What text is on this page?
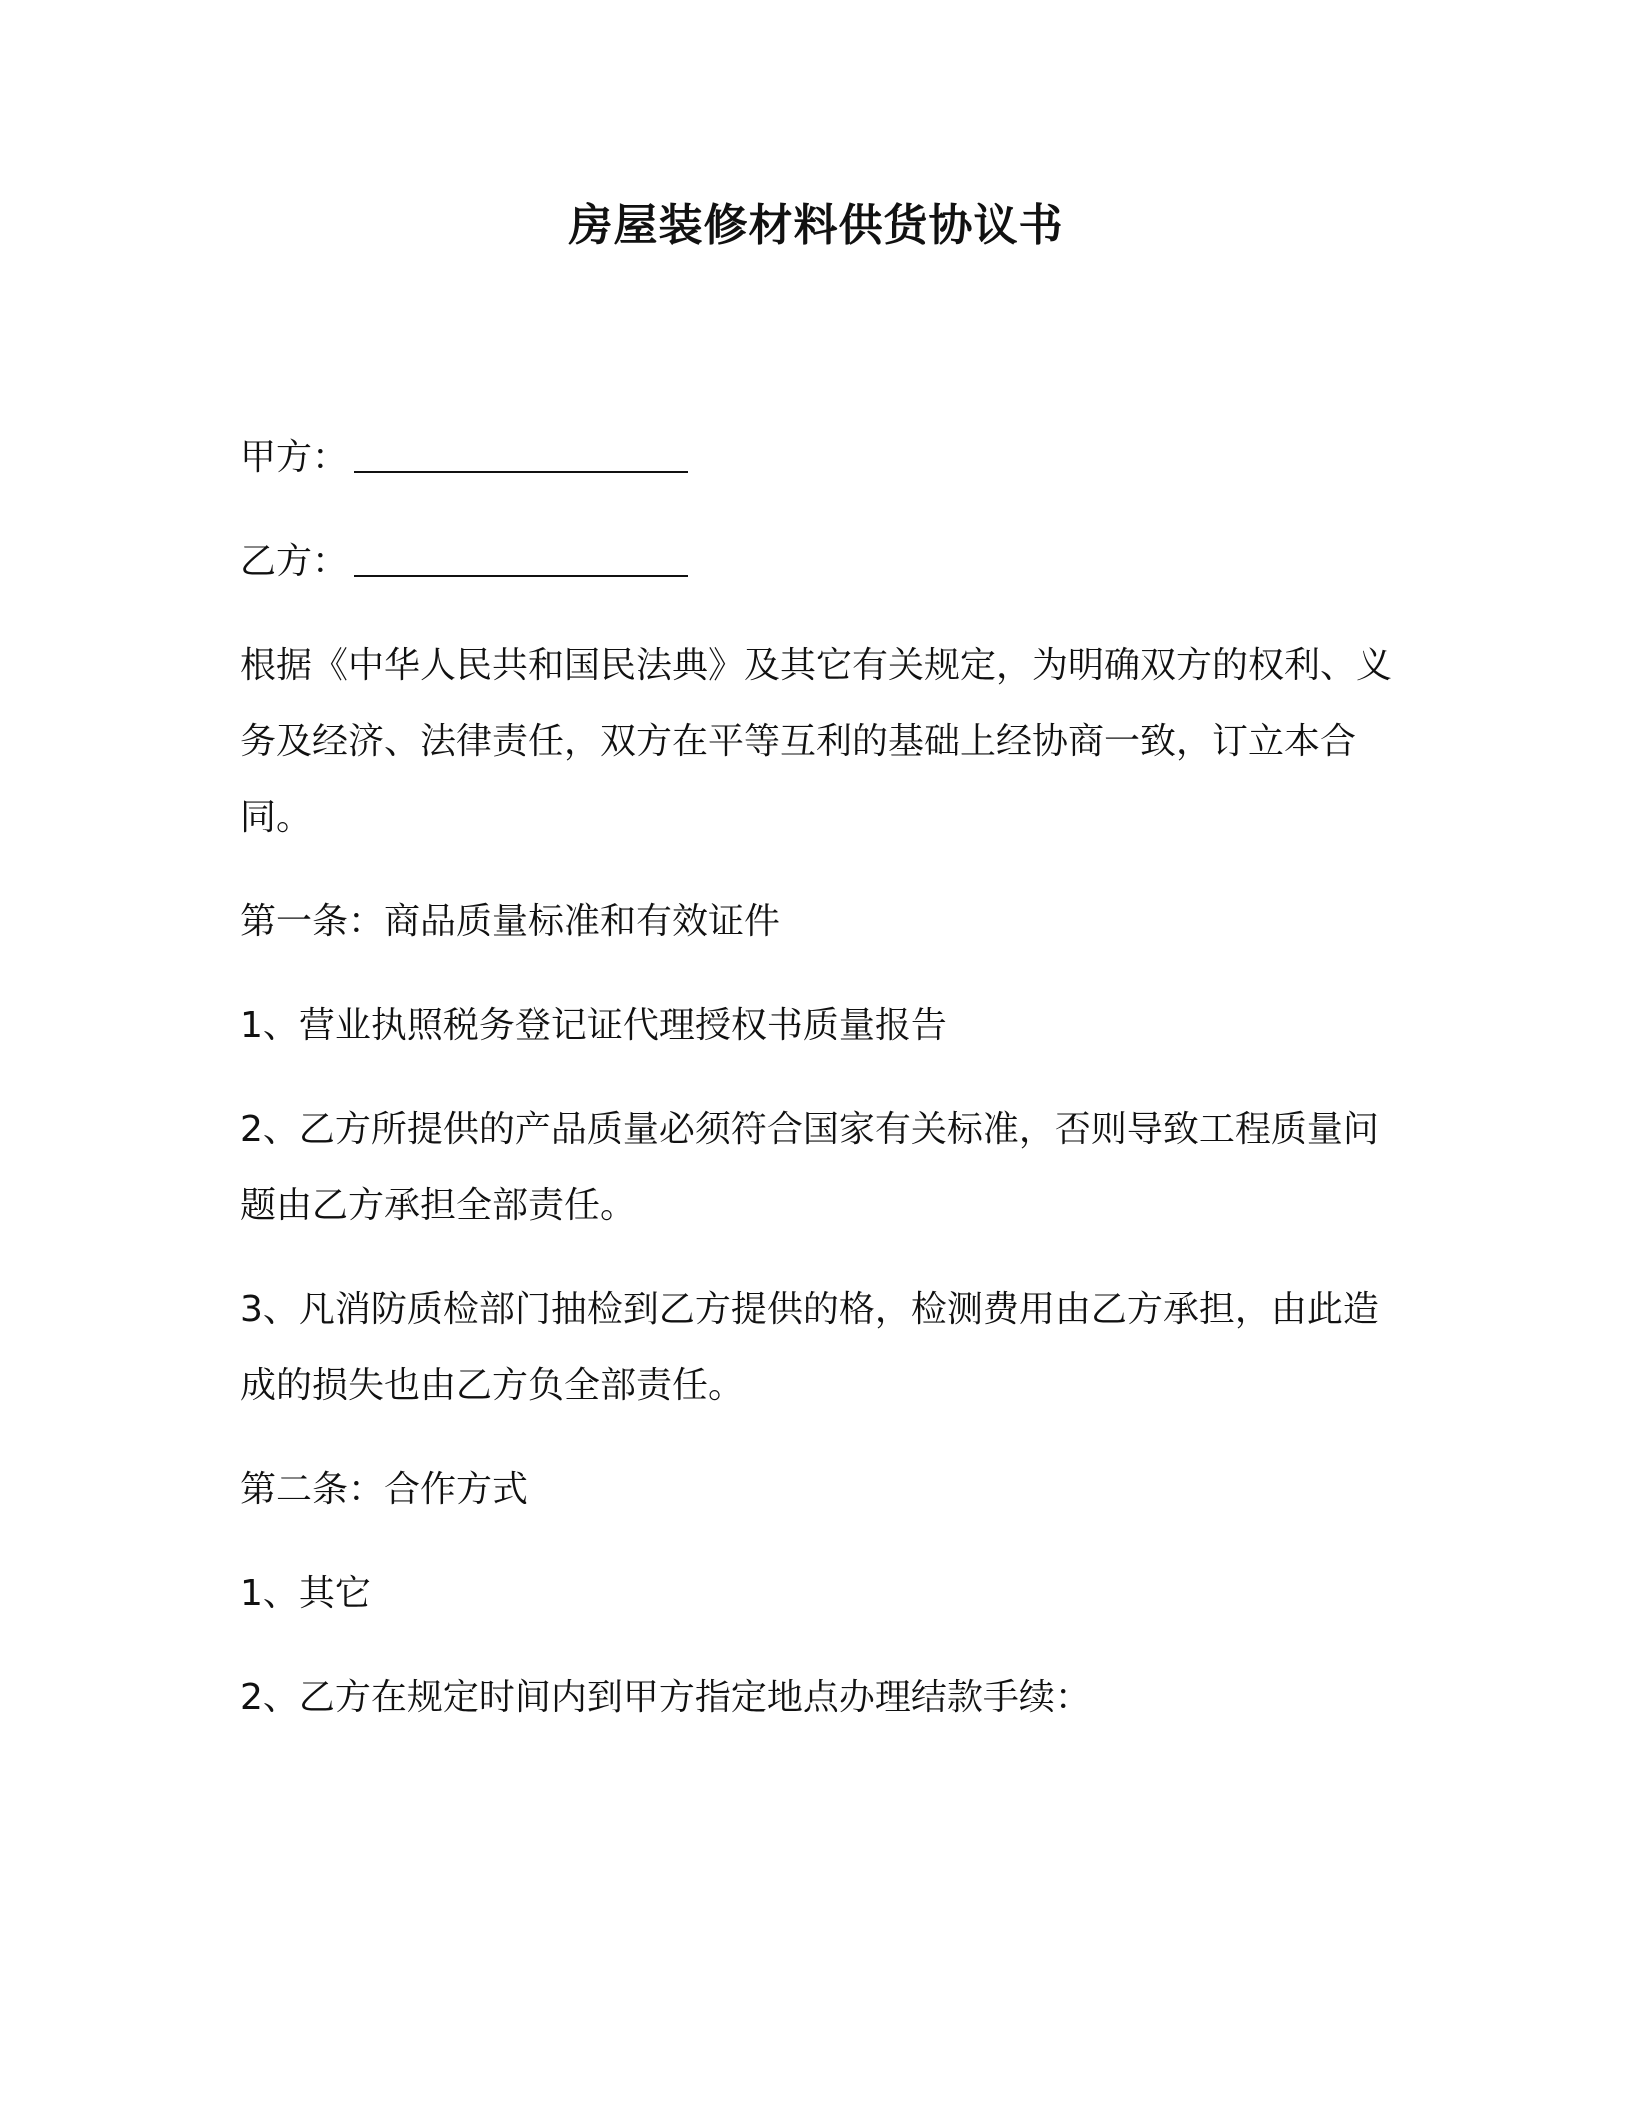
房屋装修材料供货协议书
甲方：
乙方：

根据《中华人民共和国民法典》及其它有关规定，为明确双方的权利、义务及经济、法律责任，双方在平等互利的基础上经协商一致，订立本合同。

第一条：商品质量标准和有效证件

1、营业执照税务登记证代理授权书质量报告

2、乙方所提供的产品质量必须符合国家有关标准，否则导致工程质量问题由乙方承担全部责任。

3、凡消防质检部门抽检到乙方提供的格，检测费用由乙方承担，由此造成的损失也由乙方负全部责任。

第二条：合作方式

1、其它

2、乙方在规定时间内到甲方指定地点办理结款手续：
